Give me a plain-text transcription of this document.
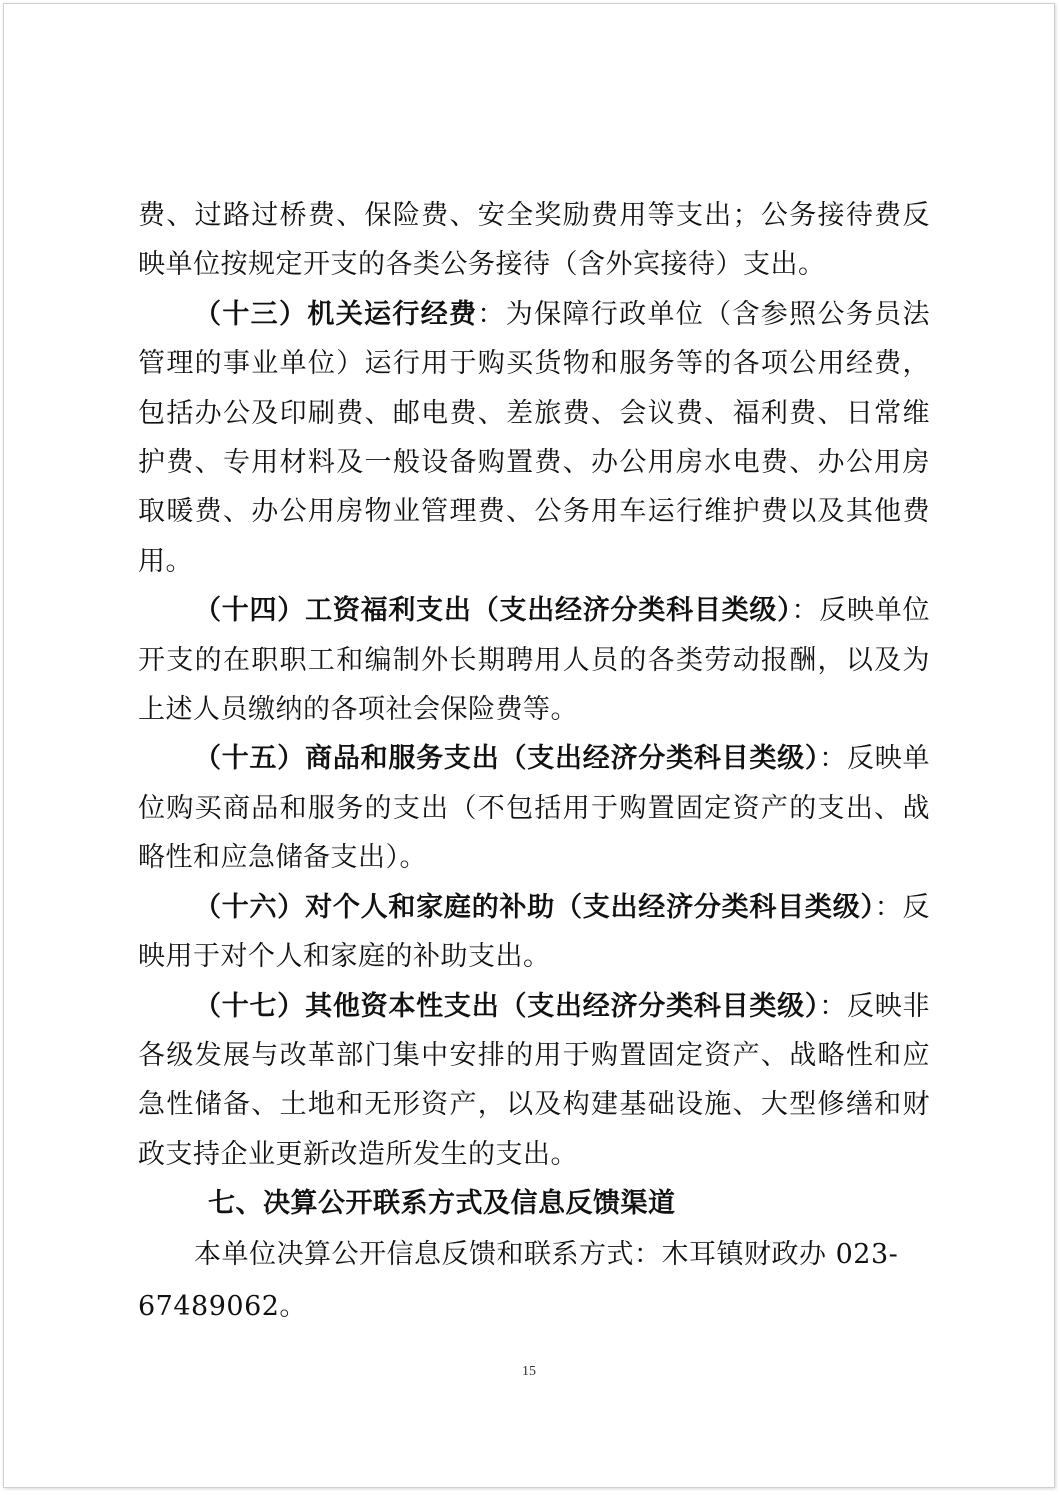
费、过路过桥费、保险费、安全奖励费用等支出；公务接待费反映单位按规定开支的各类公务接待（含外宾接待）支出。

（十三）机关运行经费：为保障行政单位（含参照公务员法管理的事业单位）运行用于购买货物和服务等的各项公用经费，包括办公及印刷费、邮电费、差旅费、会议费、福利费、日常维护费、专用材料及一般设备购置费、办公用房水电费、办公用房取暖费、办公用房物业管理费、公务用车运行维护费以及其他费用。

（十四）工资福利支出（支出经济分类科目类级）：反映单位开支的在职职工和编制外长期聘用人员的各类劳动报酬，以及为上述人员缴纳的各项社会保险费等。

（十五）商品和服务支出（支出经济分类科目类级）：反映单位购买商品和服务的支出（不包括用于购置固定资产的支出、战略性和应急储备支出）。

（十六）对个人和家庭的补助（支出经济分类科目类级）：反映用于对个人和家庭的补助支出。

（十七）其他资本性支出（支出经济分类科目类级）：反映非各级发展与改革部门集中安排的用于购置固定资产、战略性和应急性储备、土地和无形资产，以及构建基础设施、大型修缮和财政支持企业更新改造所发生的支出。

七、决算公开联系方式及信息反馈渠道

本单位决算公开信息反馈和联系方式：木耳镇财政办 023-67489062。

15
